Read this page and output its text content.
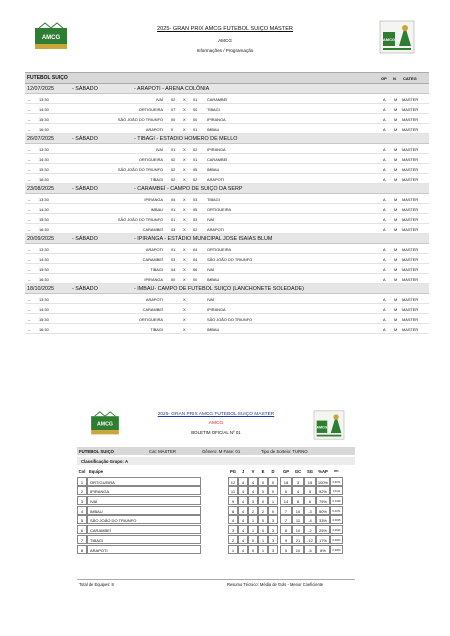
AMCG
2025- GRAN PRIX AMCG FUTEBOL SUIÇO MASTER
AMCG
Informações / Programação
AMCG
FUTEBOL SUIÇO	GP N CATEG
12/07/2025	- SÁBADO	- ARAPOTI - ARENA COLÔNIA
-- 13:30	IVAÍ 02 X 01 CARAMBEÍ	A M MASTER
-- 14:30	ORTIGUEIRA 07 X 00 TIBAGI	A M MASTER
-- 15:30	SÃO JOÃO DO TRIUNFO 00 X 00 IPIRANGA	A M MASTER
-- 16:30	ARAPOTI 0	X 01 IMBAU	A M MASTER
26/07/2025	- SÁBADO	- TIBAGI - ESTADIO HOMERO DE MELLO
-- 13:30	IVAÍ 01 X 02 IPIRANGA	A M MASTER
-- 14:30	ORTIGUEIRA 02 X 01 CARAMBEÍ	A M MASTER
-- 15:30	SÃO JOÃO DO TRIUNFO 02 X 05 IMBAU	A M MASTER
-- 16:30	TIBAGI 02 X 02 ARAPOTI	A M MASTER
23/08/2025	- SÁBADO	- CARAMBEÍ - CAMPO DE SUIÇO DA SERP
-- 13:30	IPIRANGA 04 X 03 TIBAGI	A M MASTER
-- 14:30	IMBAU 01 X 05 ORTIGUEIRA	A M MASTER
-- 15:30	SÃO JOÃO DO TRIUNFO 01 X 03 IVAÍ	A M MASTER
-- 16:30	CARAMBEÍ 03 X 02 ARAPOTI	A M MASTER
20/09/2025	- SÁBADO	- IPIRANGA - ESTÁDIO MUNICIPAL JOSE ISAIAS BLUM
-- 13:30	ARAPOTI 01 X 04 ORTIGUEIRA	A M MASTER
-- 14:30	CARAMBEÍ 03 X 04 SÃO JOÃO DO TRIUNFO	A M MASTER
-- 15:30	TIBAGI 04 X 06 IVAÍ	A M MASTER
-- 16:30	IPIRANGA 00 X 00 IMBAU	A M MASTER
18/10/2025	- SÁBADO	- IMBAU- CAMPO DE FUTEBOL SUIÇO (LANCHONETE SOLEDADE)
-- 13:30	ARAPOTI	X	IVAÍ	A M MASTER
-- 14:30	CARAMBEÍ	X	IPIRANGA	A M MASTER
-- 15:30	ORTIGUEIRA	X	SÃO JOÃO DO TRIUNFO	A M MASTER
-- 16:30	TIBAGI	X	IMBAU	A M MASTER
AMCG
2025- GRAN PRIX AMCG FUTEBOL SUIÇO MASTER
AMCG
BOLETIM OFICIAL Nº 01
AMCG
FUTEBOL SUIÇO	Cat: MASTER	Gênero: M Fase: 01	Tipo de Sorteio: TURNO
Classificação Grupo: A
Col Equipe	PG	J	V	E	D	GP	GC	SG	%AP	RTc
1	ORTIGUEIRA	12	4	4	0	0	18	3	15	100%	0,6071
2	IPIRANGA	11	4	4	0	0	6	4	5	92%	0,1111
3	IVAÍ	9	4	3	0	1	14	8	6	75%	0,1429
4	IMBAU	8	4	2	2	0	7	10	-3	50%	0,0071
5	SÃO JOÃO DO TRIUNFO	4	4	1	0	3	7	11	-4	33%	0,0025
6	CARAMBEÍ	3	4	1	0	3	8	10	-2	25%	0,0020
7	TIBAGI	2	4	0	1	3	9	21	-12	17%	0,0004
8	ARAPOTI	1	4	0	1	3	5	10	-5	8%	0,0000
Total de Equipes: 8	Resumo Técnico: Média de Gols - Menor Coeficiente
